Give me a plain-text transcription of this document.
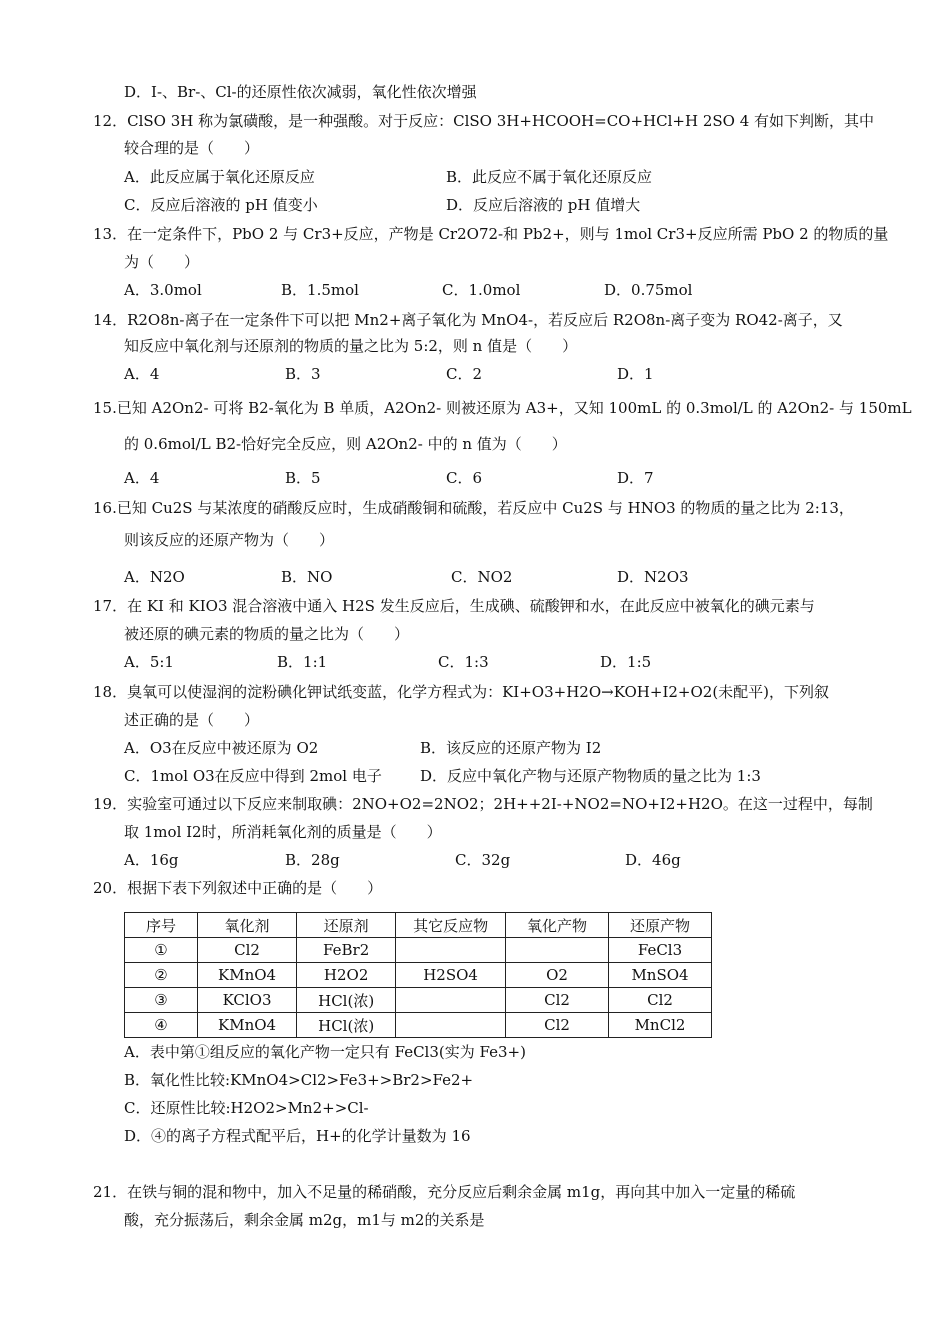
D．I-、Br-、Cl-的还原性依次减弱，氧化性依次增强
12．ClSO 3H 称为氯磺酸，是一种强酸。对于反应：ClSO 3H+HCOOH=CO+HCl+H 2SO 4 有如下判断，其中
较合理的是（　　）
13．在一定条件下，PbO 2 与 Cr3+反应，产物是 Cr2O72-和 Pb2+，则与 1mol Cr3+反应所需 PbO 2 的物质的量
为（　　）
14．R2O8n-离子在一定条件下可以把 Mn2+离子氧化为 MnO4-，若反应后 R2O8n-离子变为 RO42-离子，又
知反应中氧化剂与还原剂的物质的量之比为 5:2，则 n 值是（　　）
15.已知 A2On2- 可将 B2-氧化为 B 单质，A2On2- 则被还原为 A3+，又知 100mL 的 0.3mol/L 的 A2On2- 与 150mL
的 0.6mol/L B2-恰好完全反应，则 A2On2- 中的 n 值为（　　）
16.已知 Cu2S 与某浓度的硝酸反应时，生成硝酸铜和硫酸，若反应中 Cu2S 与 HNO3 的物质的量之比为 2:13，
则该反应的还原产物为（　　）
17．在 KI 和 KIO3 混合溶液中通入 H2S 发生反应后，生成碘、硫酸钾和水，在此反应中被氧化的碘元素与
被还原的碘元素的物质的量之比为（　　）
18．臭氧可以使湿润的淀粉碘化钾试纸变蓝，化学方程式为：KI+O3+H2O→KOH+I2+O2(未配平)，下列叙
述正确的是（　　）
19．实验室可通过以下反应来制取碘：2NO+O2=2NO2；2H++2I-+NO2=NO+I2+H2O。在这一过程中，每制
取 1mol I2时，所消耗氧化剂的质量是（　　）
20．根据下表下列叙述中正确的是（　　）
A．表中第①组反应的氧化产物一定只有 FeCl3(实为 Fe3+)
B．氧化性比较:KMnO4>Cl2>Fe3+>Br2>Fe2+
C．还原性比较:H2O2>Mn2+>Cl-
D．④的离子方程式配平后，H+的化学计量数为 16
21．在铁与铜的混和物中，加入不足量的稀硝酸，充分反应后剩余金属 m1g，再向其中加入一定量的稀硫
酸，充分振荡后，剩余金属 m2g，m1与 m2的关系是
A．此反应属于氧化还原反应	B．此反应不属于氧化还原反应
C．反应后溶液的 pH 值变小	D．反应后溶液的 pH 值增大
A．3.0mol	B．1.5mol	C．1.0mol	D．0.75mol
A．4	B．3	C．2	D．1
A．4	B．5	C．6	D．7
A．N2O	B．NO	C．NO2	D．N2O3
A．5:1	B．1:1	C．1:3	D．1:5
A．O3在反应中被还原为 O2	B．该反应的还原产物为 I2
C．1mol O3在反应中得到 2mol 电子	D．反应中氧化产物与还原产物物质的量之比为 1:3
A．16g	B．28g	C．32g	D．46g
序号	氧化剂	还原剂	其它反应物	氧化产物	还原产物
①	Cl2	FeBr2			FeCl3
②	KMnO4	H2O2	H2SO4	O2	MnSO4
③	KClO3	HCl(浓)		Cl2	Cl2
④	KMnO4	HCl(浓)		Cl2	MnCl2
